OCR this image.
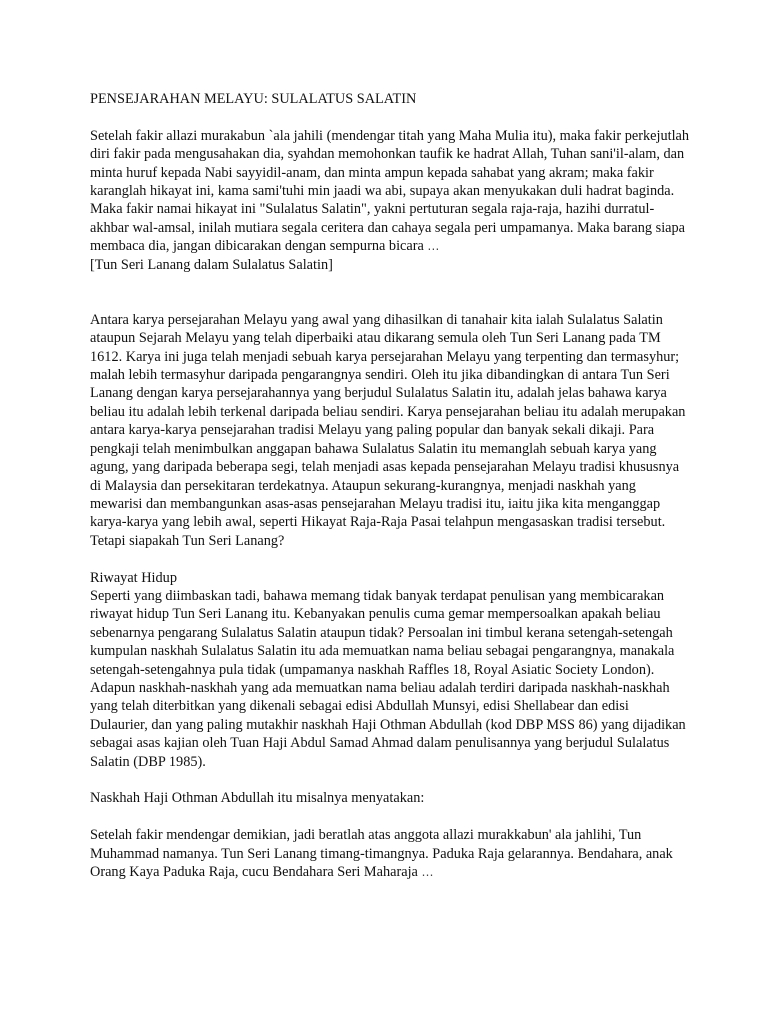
PENSEJARAHAN MELAYU: SULALATUS SALATIN

Setelah fakir allazi murakabun `ala jahili (mendengar titah yang Maha Mulia itu), maka fakir perkejutlah diri fakir pada mengusahakan dia, syahdan memohonkan taufik ke hadrat Allah, Tuhan sani'il-alam, dan minta huruf kepada Nabi sayyidil-anam, dan minta ampun kepada sahabat yang akram; maka fakir karanglah hikayat ini, kama sami'tuhi min jaadi wa abi, supaya akan menyukakan duli hadrat baginda. Maka fakir namai hikayat ini "Sulalatus Salatin", yakni pertuturan segala raja-raja, hazihi durratul-akhbar wal-amsal, inilah mutiara segala ceritera dan cahaya segala peri umpamanya. Maka barang siapa membaca dia, jangan dibicarakan dengan sempurna bicara …

[Tun Seri Lanang dalam Sulalatus Salatin]

Antara karya persejarahan Melayu yang awal yang dihasilkan di tanahair kita ialah Sulalatus Salatin ataupun Sejarah Melayu yang telah diperbaiki atau dikarang semula oleh Tun Seri Lanang pada TM 1612. Karya ini juga telah menjadi sebuah karya persejarahan Melayu yang terpenting dan termasyhur; malah lebih termasyhur daripada pengarangnya sendiri. Oleh itu jika dibandingkan di antara Tun Seri Lanang dengan karya persejarahannya yang berjudul Sulalatus Salatin itu, adalah jelas bahawa karya beliau itu adalah lebih terkenal daripada beliau sendiri. Karya pensejarahan beliau itu adalah merupakan antara karya-karya pensejarahan tradisi Melayu yang paling popular dan banyak sekali dikaji. Para pengkaji telah menimbulkan anggapan bahawa Sulalatus Salatin itu memanglah sebuah karya yang agung, yang daripada beberapa segi, telah menjadi asas kepada pensejarahan Melayu tradisi khususnya di Malaysia dan persekitaran terdekatnya. Ataupun sekurang-kurangnya, menjadi naskhah yang mewarisi dan membangunkan asas-asas pensejarahan Melayu tradisi itu, iaitu jika kita menganggap karya-karya yang lebih awal, seperti Hikayat Raja-Raja Pasai telahpun mengasaskan tradisi tersebut. Tetapi siapakah Tun Seri Lanang?

Riwayat Hidup

Seperti yang diimbaskan tadi, bahawa memang tidak banyak terdapat penulisan yang membicarakan riwayat hidup Tun Seri Lanang itu. Kebanyakan penulis cuma gemar mempersoalkan apakah beliau sebenarnya pengarang Sulalatus Salatin ataupun tidak? Persoalan ini timbul kerana setengah-setengah kumpulan naskhah Sulalatus Salatin itu ada memuatkan nama beliau sebagai pengarangnya, manakala setengah-setengahnya pula tidak (umpamanya naskhah Raffles 18, Royal Asiatic Society London). Adapun naskhah-naskhah yang ada memuatkan nama beliau adalah terdiri daripada naskhah-naskhah yang telah diterbitkan yang dikenali sebagai edisi Abdullah Munsyi, edisi Shellabear dan edisi Dulaurier, dan yang paling mutakhir naskhah Haji Othman Abdullah (kod DBP MSS 86) yang dijadikan sebagai asas kajian oleh Tuan Haji Abdul Samad Ahmad dalam penulisannya yang berjudul Sulalatus Salatin (DBP 1985).

Naskhah Haji Othman Abdullah itu misalnya menyatakan:

Setelah fakir mendengar demikian, jadi beratlah atas anggota allazi murakkabun' ala jahlihi, Tun Muhammad namanya. Tun Seri Lanang timang-timangnya. Paduka Raja gelarannya. Bendahara, anak Orang Kaya Paduka Raja, cucu Bendahara Seri Maharaja …
